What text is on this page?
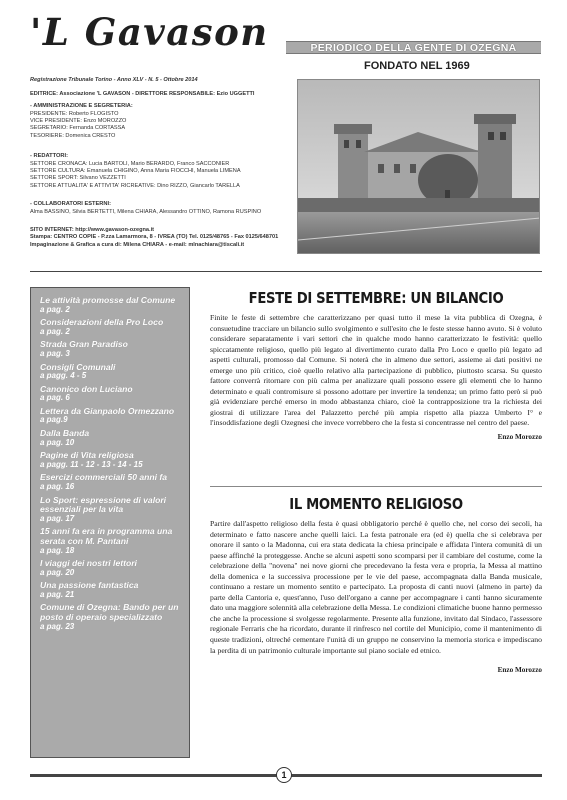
'L Gavason	PERIODICO DELLA GENTE DI OZEGNA
FONDATO NEL 1969
Registrazione Tribunale Torino - Anno XLV - N. 5 - Ottobre 2014
EDITRICE: Associazione 'L GAVASON - DIRETTORE RESPONSABILE: Ezio UGGETTI
- AMMINISTRAZIONE E SEGRETERIA:
PRESIDENTE: Roberto FLOGISTO
VICE PRESIDENTE: Enzo MOROZZO
SEGRETARIO: Fernanda CORTASSA
TESORIERE: Domenica CRESTO
- REDATTORI:
SETTORE CRONACA: Lucia BARTOLI, Mario BERARDO, Franco SACCONIER
SETTORE CULTURA: Emanuela CHIGINO, Anna Maria FIOCCHI, Manuela LIMENA
SETTORE SPORT: Silvano VEZZETTI
SETTORE ATTUALITA' E ATTIVITA' RICREATIVE: Dino RIZZO, Giancarlo TARELLA
- COLLABORATORI ESTERNI:
Alma BASSINO, Silvia BERTETTI, Milena CHIARA, Alessandro OTTINO, Ramona RUSPINO
SITO INTERNET: http://www.gavason-ozegna.it
Stampa: CENTRO COPIE - P.zza Lamarmora, 8 - IVREA (TO) Tel. 0125/48765 - Fax 0125/648701
Impaginazione & Grafica a cura di: Milena CHIARA - e-mail: mlnachiara@tiscali.it
Le attività promosse dal Comune
a pag. 2
Considerazioni della Pro Loco
a pag. 2
Strada Gran Paradiso
a pag. 3
Consigli Comunali
a pagg. 4 - 5
Canonico don Luciano
a pag. 6
Lettera da Gianpaolo Ormezzano
a pag.9
Dalla Banda
a pag. 10
Pagine di Vita religiosa
a pagg. 11 - 12 - 13 - 14 - 15
Esercizi commerciali 50 anni fa
a pag. 16
Lo Sport: espressione di valori essenziali per la vita
a pag. 17
15 anni fa era in programma una serata con M. Pantani
a pag. 18
I viaggi dei nostri lettori
a pag. 20
Una passione fantastica
a pag. 21
Comune di Ozegna: Bando per un posto di operaio specializzato
a pag. 23
FESTE DI SETTEMBRE: UN BILANCIO
Finite le feste di settembre che caratterizzano per quasi tutto il mese la vita pubblica di Ozegna, è consuetudine tracciare un bilancio sullo svolgimento e sull'esito che le feste stesse hanno avuto. Si è voluto considerare separatamente i vari settori che in qualche modo hanno caratterizzato le festività: quello spiccatamente religioso, quello più legato al divertimento curato dalla Pro Loco e quello più legato ad aspetti culturali, promosso dal Comune. Si noterà che in almeno due settori, assieme ai dati positivi ne emerge uno più critico, cioè quello relativo alla partecipazione di pubblico, piuttosto scarsa. Su questo fattore converrà ritornare con più calma per analizzare quali possono essere gli elementi che lo hanno determinato e quali contromisure si possono adottare per invertire la tendenza; un primo fatto però si può già evidenziare perché emerso in modo abbastanza chiaro, cioè la contrapposizione tra la richiesta dei giostrai di utilizzare l'area del Palazzetto perché più ampia rispetto alla piazza Umberto I° e l'insoddisfazione degli Ozegnesi che invece vorrebbero che la festa si concentrasse nel centro del paese.
Enzo Morozzo
IL MOMENTO RELIGIOSO
Partire dall'aspetto religioso della festa è quasi obbligatorio perché è quello che, nel corso dei secoli, ha determinato e fatto nascere anche quelli laici. La festa patronale era (ed è) quella che si celebrava per onorare il santo o la Madonna, cui era stata dedicata la chiesa principale e affidata l'intera comunità di un paese affinché la proteggesse. Anche se alcuni aspetti sono scomparsi per il cambiare del costume, come la celebrazione della "novena" nei nove giorni che precedevano la festa vera e propria, la Messa al mattino della domenica e la successiva processione per le vie del paese, accompagnata dalla Banda musicale, continuano a restare un momento sentito e partecipato. La proposta di canti nuovi (almeno in parte) da parte della Cantoria e, quest'anno, l'uso dell'organo a canne per accompagnare i canti hanno sicuramente dato una maggiore solennità alla celebrazione della Messa. Le condizioni climatiche buone hanno permesso che anche la processione si svolgesse regolarmente. Presente alla funzione, invitato dal Sindaco, l'assessore regionale Ferraris che ha ricordato, durante il rinfresco nel cortile del Municipio, come il mantenimento di queste tradizioni, oltreché cementare l'unità di un gruppo ne conservino la memoria storica e impediscano la perdita di un patrimonio culturale importante sul piano sociale ed etnico.
Enzo Morozzo
1
